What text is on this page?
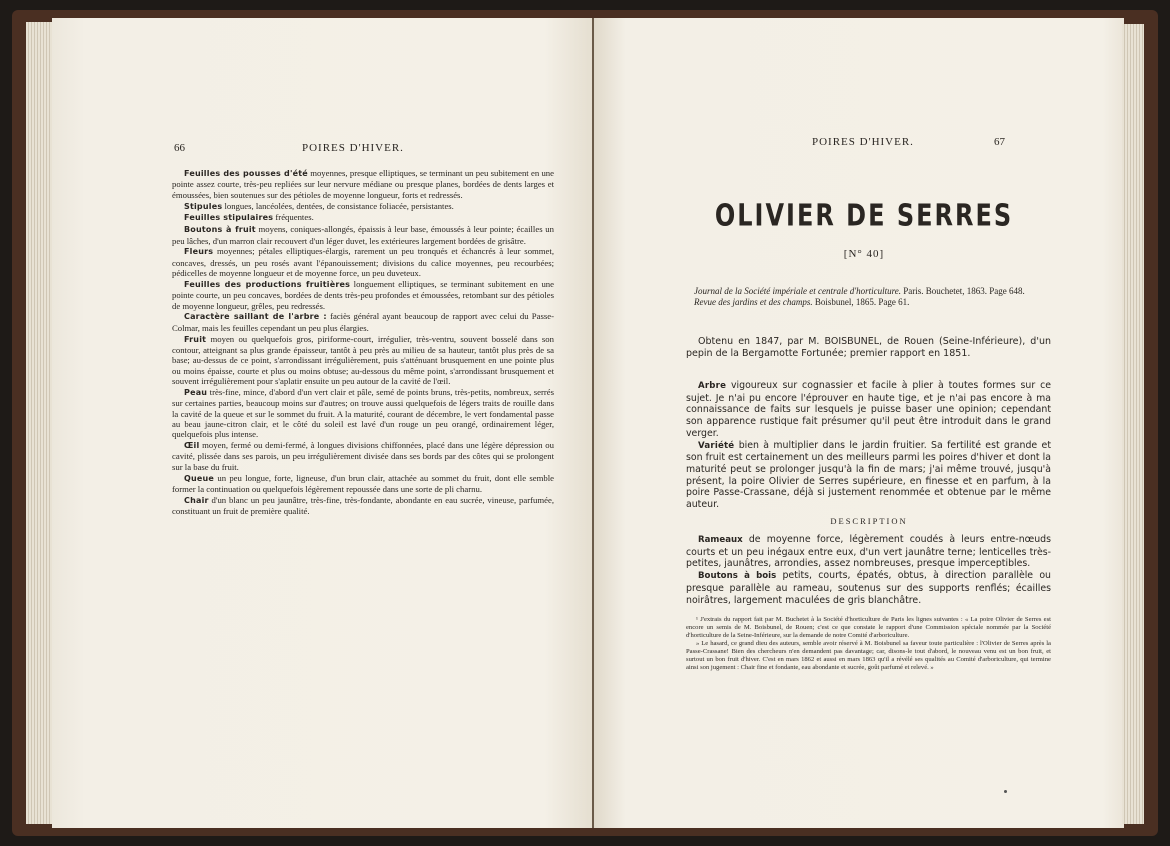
66	POIRES D'HIVER.

Feuilles des pousses d'été moyennes, presque elliptiques, se terminant un peu subitement en une pointe assez courte, très-peu repliées sur leur nervure médiane ou presque planes, bordées de dents larges et émoussées, bien soutenues sur des pétioles de moyenne longueur, forts et redressés.

Stipules longues, lancéolées, dentées, de consistance foliacée, persistantes.

Feuilles stipulaires fréquentes.

Boutons à fruit moyens, coniques-allongés, épaissis à leur base, émoussés à leur pointe; écailles un peu lâches, d'un marron clair recouvert d'un léger duvet, les extérieures largement bordées de grisâtre.

Fleurs moyennes; pétales elliptiques-élargis, rarement un peu tronqués et échancrés à leur sommet, concaves, dressés, un peu rosés avant l'épanouissement; divisions du calice moyennes, peu recourbées; pédicelles de moyenne longueur et de moyenne force, un peu duveteux.

Feuilles des productions fruitières longuement elliptiques, se terminant subitement en une pointe courte, un peu concaves, bordées de dents très-peu profondes et émoussées, retombant sur des pétioles de moyenne longueur, grêles, peu redressés.

Caractère saillant de l'arbre : faciès général ayant beaucoup de rapport avec celui du Passe-Colmar, mais les feuilles cependant un peu plus élargies.

Fruit moyen ou quelquefois gros, piriforme-court, irrégulier, très-ventru, souvent bosselé dans son contour, atteignant sa plus grande épaisseur, tantôt à peu près au milieu de sa hauteur, tantôt plus près de sa base; au-dessus de ce point, s'arrondissant irrégulièrement, puis s'atténuant brusquement en une pointe plus ou moins épaisse, courte et plus ou moins obtuse; au-dessous du même point, s'arrondissant brusquement et souvent irrégulièrement pour s'aplatir ensuite un peu autour de la cavité de l'œil.

Peau très-fine, mince, d'abord d'un vert clair et pâle, semé de points bruns, très-petits, nombreux, serrés sur certaines parties, beaucoup moins sur d'autres; on trouve aussi quelquefois de légers traits de rouille dans la cavité de la queue et sur le sommet du fruit. A la maturité, courant de décembre, le vert fondamental passe au beau jaune-citron clair, et le côté du soleil est lavé d'un rouge un peu orangé, ordinairement léger, quelquefois plus intense.

Œil moyen, fermé ou demi-fermé, à longues divisions chiffonnées, placé dans une légère dépression ou cavité, plissée dans ses parois, un peu irrégulièrement divisée dans ses bords par des côtes qui se prolongent sur la base du fruit.

Queue un peu longue, forte, ligneuse, d'un brun clair, attachée au sommet du fruit, dont elle semble former la continuation ou quelquefois légèrement repoussée dans une sorte de pli charnu.

Chair d'un blanc un peu jaunâtre, très-fine, très-fondante, abondante en eau sucrée, vineuse, parfumée, constituant un fruit de première qualité.

POIRES D'HIVER.	67
OLIVIER DE SERRES
[N° 40]
Journal de la Société impériale et centrale d'horticulture. Paris. Bouchetet, 1863. Page 648.
Revue des jardins et des champs. Boisbunel, 1865. Page 61.

Obtenu en 1847, par M. BOISBUNEL, de Rouen (Seine-Inférieure), d'un pepin de la Bergamotte Fortunée; premier rapport en 1851.

Arbre vigoureux sur cognassier et facile à plier à toutes formes sur ce sujet. Je n'ai pu encore l'éprouver en haute tige, et je n'ai pas encore à ma connaissance de faits sur lesquels je puisse baser une opinion; cependant son apparence rustique fait présumer qu'il peut être introduit dans le grand verger.

Variété bien à multiplier dans le jardin fruitier. Sa fertilité est grande et son fruit est certainement un des meilleurs parmi les poires d'hiver et dont la maturité peut se prolonger jusqu'à la fin de mars; j'ai même trouvé, jusqu'à présent, la poire Olivier de Serres supérieure, en finesse et en parfum, à la poire Passe-Crassane, déjà si justement renommée et obtenue par le même auteur.

DESCRIPTION

Rameaux de moyenne force, légèrement coudés à leurs entre-nœuds courts et un peu inégaux entre eux, d'un vert jaunâtre terne; lenticelles très-petites, jaunâtres, arrondies, assez nombreuses, presque imperceptibles.

Boutons à bois petits, courts, épatés, obtus, à direction parallèle ou presque parallèle au rameau, soutenus sur des supports renflés; écailles noirâtres, largement maculées de gris blanchâtre.

¹ J'extrais du rapport fait par M. Buchetet à la Société d'horticulture de Paris les lignes suivantes : « La poire Olivier de Serres est encore un semis de M. Boisbunel, de Rouen; c'est ce que constate le rapport d'une Commission spéciale nommée par la Société d'horticulture de la Seine-Inférieure, sur la demande de notre Comité d'arboriculture.

» Le hasard, ce grand dieu des auteurs, semble avoir réservé à M. Boisbunel sa faveur toute particulière : l'Olivier de Serres après la Passe-Crassane! Bien des chercheurs n'en demandent pas davantage; car, disons-le tout d'abord, le nouveau venu est un bon fruit, et surtout un bon fruit d'hiver. C'est en mars 1862 et aussi en mars 1863 qu'il a révélé ses qualités au Comité d'arboriculture, qui termine ainsi son jugement : Chair fine et fondante, eau abondante et sucrée, goût parfumé et relevé. »
